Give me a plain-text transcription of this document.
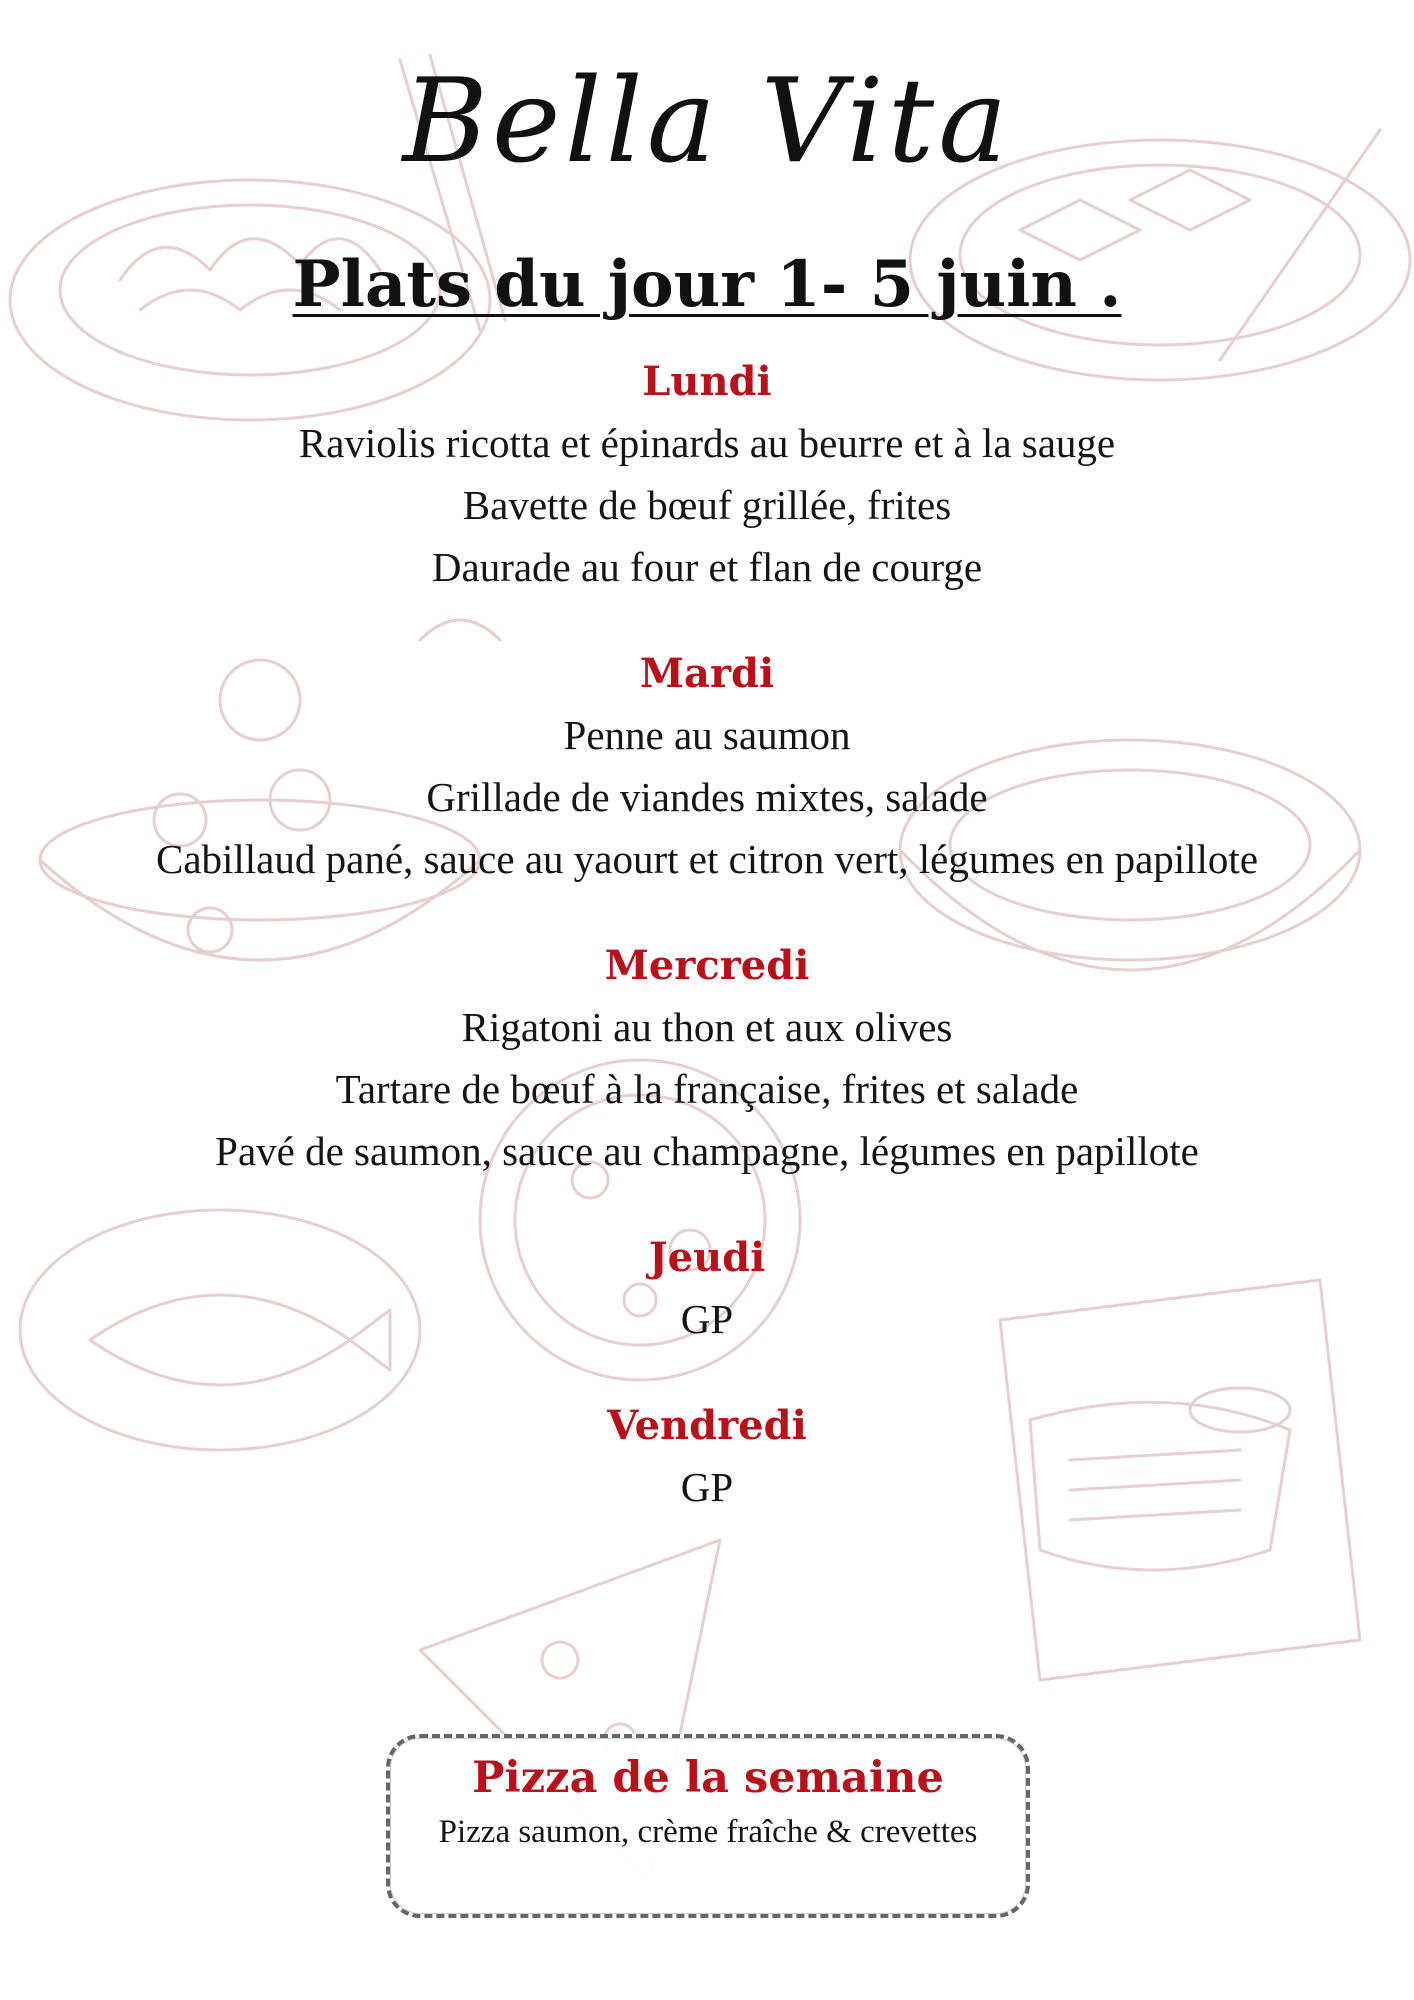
Bella Vita
Plats du jour 1- 5 juin .
Lundi
Raviolis ricotta et épinards au beurre et à la sauge
Bavette de bœuf grillée, frites
Daurade au four et flan de courge
Mardi
Penne au saumon
Grillade de viandes mixtes, salade
Cabillaud pané, sauce au yaourt et citron vert, légumes en papillote
Mercredi
Rigatoni au thon et aux olives
Tartare de bœuf à la française, frites et salade
Pavé de saumon, sauce au champagne, légumes en papillote
Jeudi
GP
Vendredi
GP
Pizza de la semaine
Pizza saumon, crème fraîche & crevettes
